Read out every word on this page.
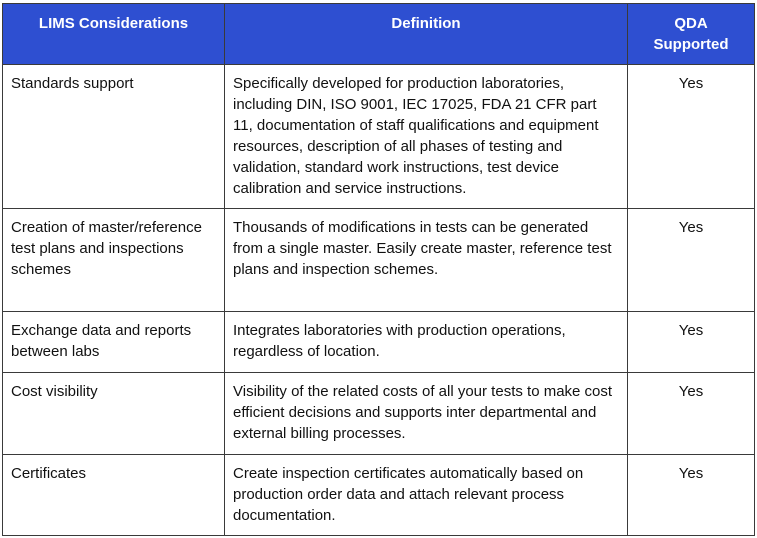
LIMS Considerations	Definition	QDA Supported
Standards support	Specifically developed for production laboratories, including DIN, ISO 9001, IEC 17025, FDA 21 CFR part 11, documentation of staff qualifications and equipment resources, description of all phases of testing and validation, standard work instructions, test device calibration and service instructions.	Yes
Creation of master/reference test plans and inspections schemes	Thousands of modifications in tests can be generated from a single master. Easily create master, reference test plans and inspection schemes.	Yes
Exchange data and reports between labs	Integrates laboratories with production operations, regardless of location.	Yes
Cost visibility	Visibility of the related costs of all your tests to make cost efficient decisions and supports inter departmental and external billing processes.	Yes
Certificates	Create inspection certificates automatically based on production order data and attach relevant process documentation.	Yes
